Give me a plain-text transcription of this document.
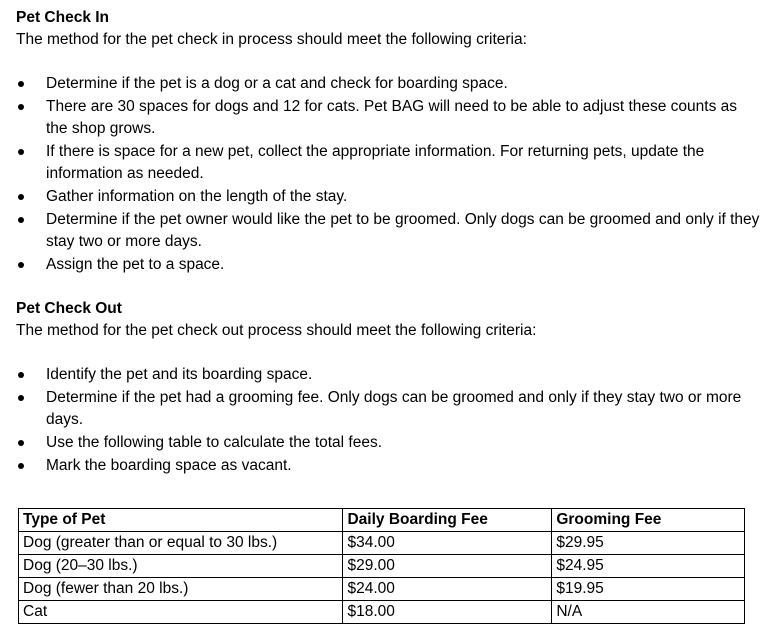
Pet Check In
The method for the pet check in process should meet the following criteria:
Determine if the pet is a dog or a cat and check for boarding space.
There are 30 spaces for dogs and 12 for cats. Pet BAG will need to be able to adjust these counts as the shop grows.
If there is space for a new pet, collect the appropriate information. For returning pets, update the information as needed.
Gather information on the length of the stay.
Determine if the pet owner would like the pet to be groomed. Only dogs can be groomed and only if they stay two or more days.
Assign the pet to a space.
Pet Check Out
The method for the pet check out process should meet the following criteria:
Identify the pet and its boarding space.
Determine if the pet had a grooming fee. Only dogs can be groomed and only if they stay two or more days.
Use the following table to calculate the total fees.
Mark the boarding space as vacant.
Type of Pet	Daily Boarding Fee	Grooming Fee
Dog (greater than or equal to 30 lbs.)	$34.00	$29.95
Dog (20–30 lbs.)	$29.00	$24.95
Dog (fewer than 20 lbs.)	$24.00	$19.95
Cat	$18.00	N/A
